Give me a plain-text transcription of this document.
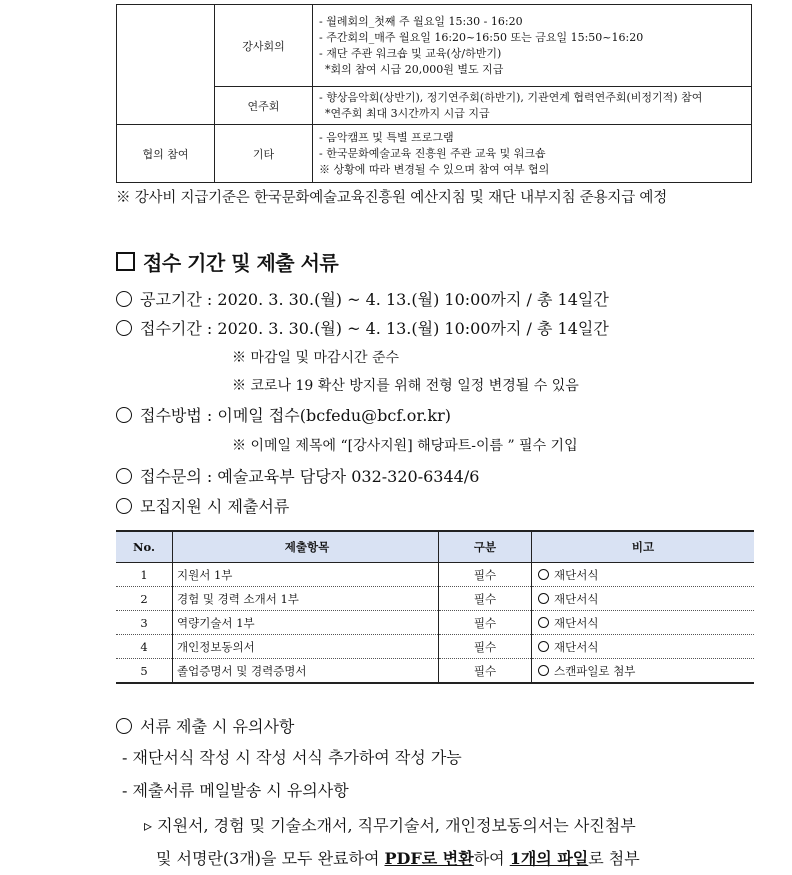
	강사회의	- 월례회의_첫째 주 월요일 15:30 - 16:20
- 주간회의_매주 월요일 16:20~16:50 또는 금요일 15:50~16:20
- 재단 주관 워크숍 및 교육(상/하반기)
*회의 참여 시급 20,000원 별도 지급

	연주회	- 향상음악회(상반기), 정기연주회(하반기), 기관연계 협력연주회(비정기적) 참여
*연주회 최대 3시간까지 시급 지급

협의 참여	기타	- 음악캠프 및 특별 프로그램
- 한국문화예술교육 진흥원 주관 교육 및 워크숍
※ 상황에 따라 변경될 수 있으며 참여 여부 협의
※ 강사비 지급기준은 한국문화예술교육진흥원 예산지침 및 재단 내부지침 준용지급 예정
접수 기간 및 제출 서류
공고기간 : 2020. 3. 30.(월) ~ 4. 13.(월) 10:00까지 / 총 14일간
접수기간 : 2020. 3. 30.(월) ~ 4. 13.(월) 10:00까지 / 총 14일간
※ 마감일 및 마감시간 준수
※ 코로나 19 확산 방지를 위해 전형 일정 변경될 수 있음
접수방법 : 이메일 접수(bcfedu@bcf.or.kr)
※ 이메일 제목에 “[강사지원] 해당파트-이름 ” 필수 기입
접수문의 : 예술교육부 담당자 032-320-6344/6
모집지원 시 제출서류
No.	제출항목	구분	비고
1	지원서 1부	필수	재단서식
2	경험 및 경력 소개서 1부	필수	재단서식
3	역량기술서 1부	필수	재단서식
4	개인정보동의서	필수	재단서식
5	졸업증명서 및 경력증명서	필수	스캔파일로 첨부
서류 제출 시 유의사항
- 재단서식 작성 시 작성 서식 추가하여 작성 가능
- 제출서류 메일발송 시 유의사항
▹ 지원서, 경험 및 기술소개서, 직무기술서, 개인정보동의서는 사진첨부
및 서명란(3개)을 모두 완료하여 PDF로 변환하여 1개의 파일로 첨부
